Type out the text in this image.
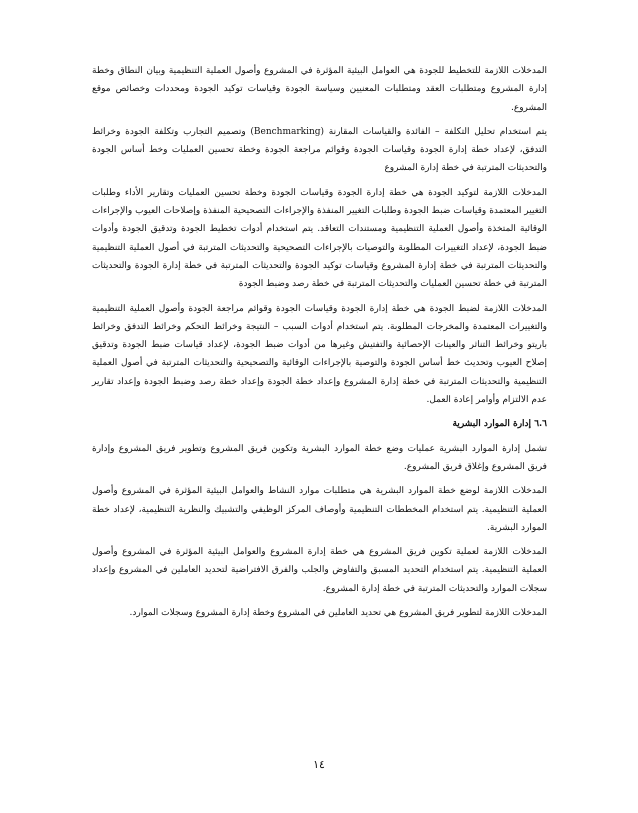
المدخلات اللازمة للتخطيط للجودة هي العوامل البيئية المؤثرة في المشروع وأصول العملية التنظيمية وبيان النطاق وخطة إدارة المشروع ومتطلبات العقد ومتطلبات المعنيين وسياسة الجودة وقياسات توكيد الجودة ومحددات وخصائص موقع المشروع.

يتم استخدام تحليل التكلفة – الفائدة والقياسات المقارنة (Benchmarking) وتصميم التجارب وتكلفة الجودة وخرائط التدفق، لإعداد خطة إدارة الجودة وقياسات الجودة وقوائم مراجعة الجودة وخطة تحسين العمليات وخط أساس الجودة والتحديثات المترتبة في خطة إدارة المشروع

المدخلات اللازمة لتوكيد الجودة هي خطة إدارة الجودة وقياسات الجودة وخطة تحسين العمليات وتقارير الأداء وطلبات التغيير المعتمدة وقياسات ضبط الجودة وطلبات التغيير المنفذة والإجراءات التصحيحية المنفذة وإصلاحات العيوب والإجراءات الوقائية المتخذة وأصول العملية التنظيمية ومستندات التعاقد. يتم استخدام أدوات تخطيط الجودة وتدقيق الجودة وأدوات ضبط الجودة، لإعداد التغييرات المطلوبة والتوصيات بالإجراءات التصحيحية والتحديثات المترتبة في أصول العملية التنظيمية والتحديثات المترتبة في خطة إدارة المشروع وقياسات توكيد الجودة والتحديثات المترتبة في خطة إدارة الجودة والتحديثات المترتبة في خطة تحسين العمليات والتحديثات المترتبة في خطة رصد وضبط الجودة

المدخلات اللازمة لضبط الجودة هي خطة إدارة الجودة وقياسات الجودة وقوائم مراجعة الجودة وأصول العملية التنظيمية والتغييرات المعتمدة والمخرجات المطلوبة. يتم استخدام أدوات السبب – النتيجة وخرائط التحكم وخرائط التدفق وخرائط باريتو وخرائط التناثر والعينات الإحصائية والتفتيش وغيرها من أدوات ضبط الجودة، لإعداد قياسات ضبط الجودة وتدقيق إصلاح العيوب وتحديث خط أساس الجودة والتوصية بالإجراءات الوقائية والتصحيحية والتحديثات المترتبة في أصول العملية التنظيمية والتحديثات المترتبة في خطة إدارة المشروع وإعداد خطة الجودة وإعداد خطة رصد وضبط الجودة وإعداد تقارير عدم الالتزام وأوامر إعادة العمل.

٦.٦ إدارة الموارد البشرية

تشمل إدارة الموارد البشرية عمليات وضع خطة الموارد البشرية وتكوين فريق المشروع وتطوير فريق المشروع وإدارة فريق المشروع وإغلاق فريق المشروع.

المدخلات اللازمة لوضع خطة الموارد البشرية هي متطلبات موارد النشاط والعوامل البيئية المؤثرة في المشروع وأصول العملية التنظيمية. يتم استخدام المخططات التنظيمية وأوصاف المركز الوظيفي والتشبيك والنظرية التنظيمية، لإعداد خطة الموارد البشرية.

المدخلات اللازمة لعملية تكوين فريق المشروع هي خطة إدارة المشروع والعوامل البيئية المؤثرة في المشروع وأصول العملية التنظيمية. يتم استخدام التحديد المسبق والتفاوض والجلب والفرق الافتراضية لتحديد العاملين في المشروع وإعداد سجلات الموارد والتحديثات المترتبة في خطة إدارة المشروع.

المدخلات اللازمة لتطوير فريق المشروع هي تحديد العاملين في المشروع وخطة إدارة المشروع وسجلات الموارد.

١٤
